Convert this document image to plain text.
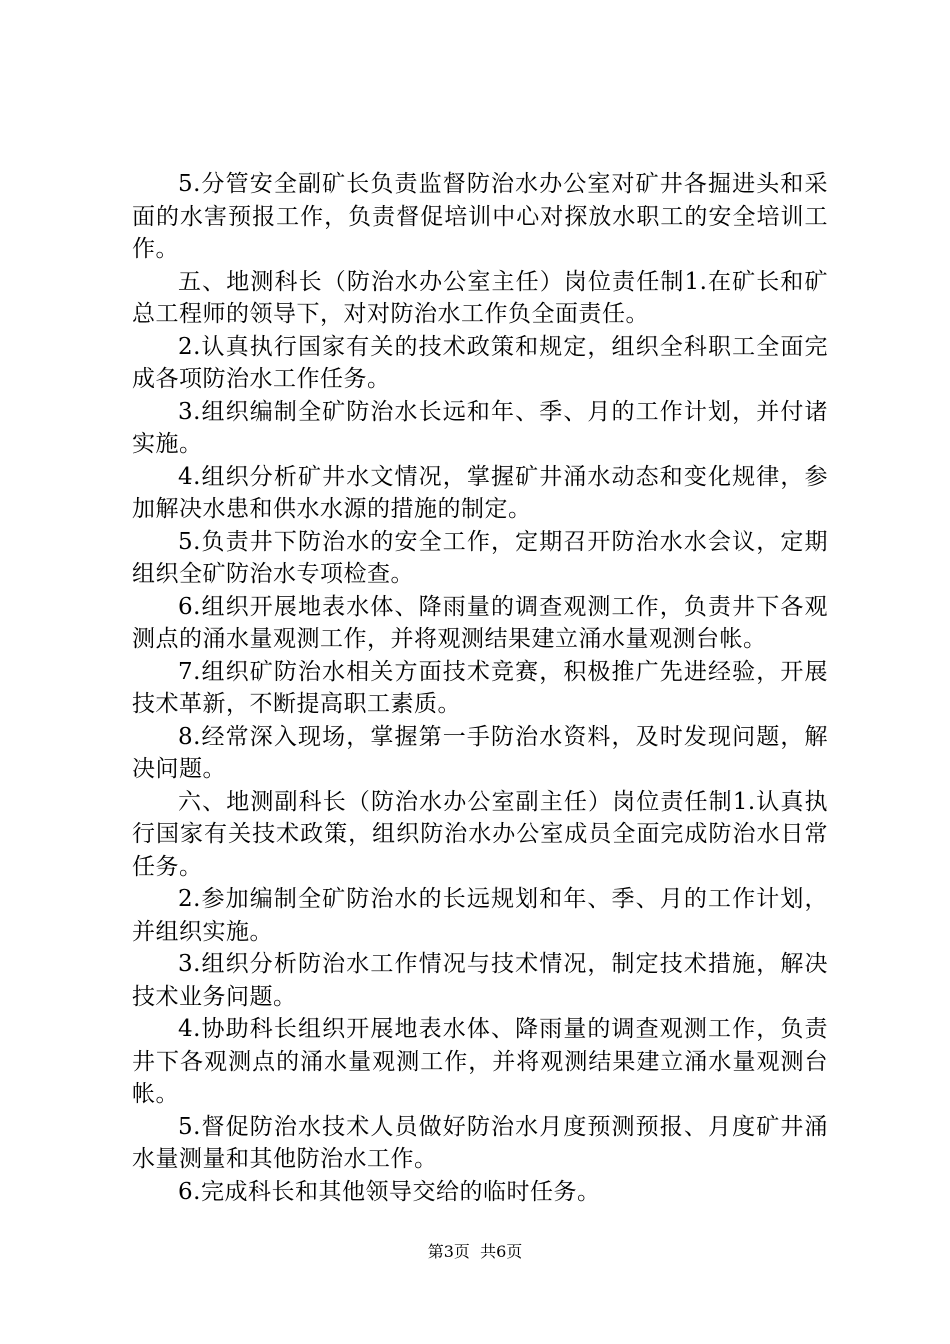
5.分管安全副矿长负责监督防治水办公室对矿井各掘进头和采面的水害预报工作，负责督促培训中心对探放水职工的安全培训工作。

五、地测科长（防治水办公室主任）岗位责任制1.在矿长和矿总工程师的领导下，对对防治水工作负全面责任。

2.认真执行国家有关的技术政策和规定，组织全科职工全面完成各项防治水工作任务。

3.组织编制全矿防治水长远和年、季、月的工作计划，并付诸实施。

4.组织分析矿井水文情况，掌握矿井涌水动态和变化规律，参加解决水患和供水水源的措施的制定。

5.负责井下防治水的安全工作，定期召开防治水水会议，定期组织全矿防治水专项检查。

6.组织开展地表水体、降雨量的调查观测工作，负责井下各观测点的涌水量观测工作，并将观测结果建立涌水量观测台帐。

7.组织矿防治水相关方面技术竞赛，积极推广先进经验，开展技术革新，不断提高职工素质。

8.经常深入现场，掌握第一手防治水资料，及时发现问题，解决问题。

六、地测副科长（防治水办公室副主任）岗位责任制1.认真执行国家有关技术政策，组织防治水办公室成员全面完成防治水日常任务。

2.参加编制全矿防治水的长远规划和年、季、月的工作计划，并组织实施。

3.组织分析防治水工作情况与技术情况，制定技术措施，解决技术业务问题。

4.协助科长组织开展地表水体、降雨量的调查观测工作，负责井下各观测点的涌水量观测工作，并将观测结果建立涌水量观测台帐。

5.督促防治水技术人员做好防治水月度预测预报、月度矿井涌水量测量和其他防治水工作。

6.完成科长和其他领导交给的临时任务。

第3页  共6页
